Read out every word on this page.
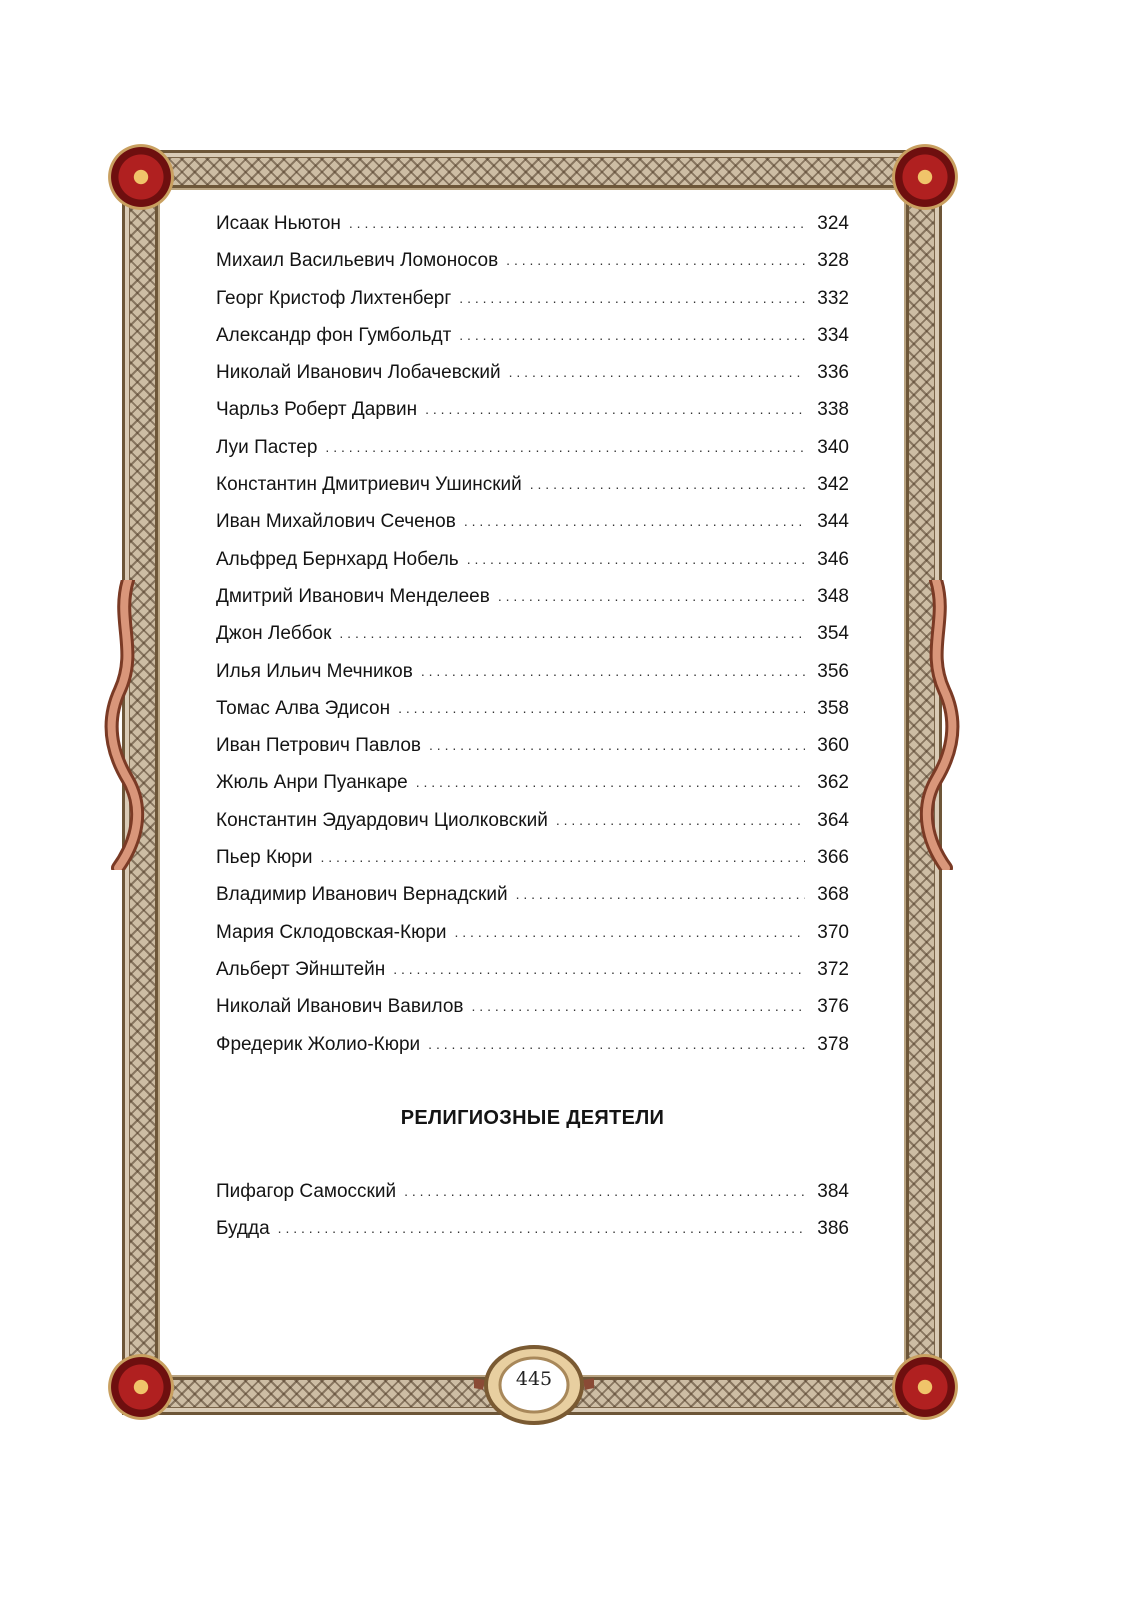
445
Исаак Ньютон . . .	324
Михаил Васильевич Ломоносов . . .	328
Георг Кристоф Лихтенберг . . .	332
Александр фон Гумбольдт . . .	334
Николай Иванович Лобачевский . . .	336
Чарльз Роберт Дарвин . . .	338
Луи Пастер . . .	340
Константин Дмитриевич Ушинский . . .	342
Иван Михайлович Сеченов . . .	344
Альфред Бернхард Нобель . . .	346
Дмитрий Иванович Менделеев . . .	348
Джон Леббок . . .	354
Илья Ильич Мечников . . .	356
Томас Алва Эдисон . . .	358
Иван Петрович Павлов . . .	360
Жюль Анри Пуанкаре . . .	362
Константин Эдуардович Циолковский . . .	364
Пьер Кюри . . .	366
Владимир Иванович Вернадский . . .	368
Мария Склодовская-Кюри . . .	370
Альберт Эйнштейн . . .	372
Николай Иванович Вавилов . . .	376
Фредерик Жолио-Кюри . . .	378
РЕЛИГИОЗНЫЕ ДЕЯТЕЛИ
Пифагор Самосский . . .	384
Будда . . .	386
